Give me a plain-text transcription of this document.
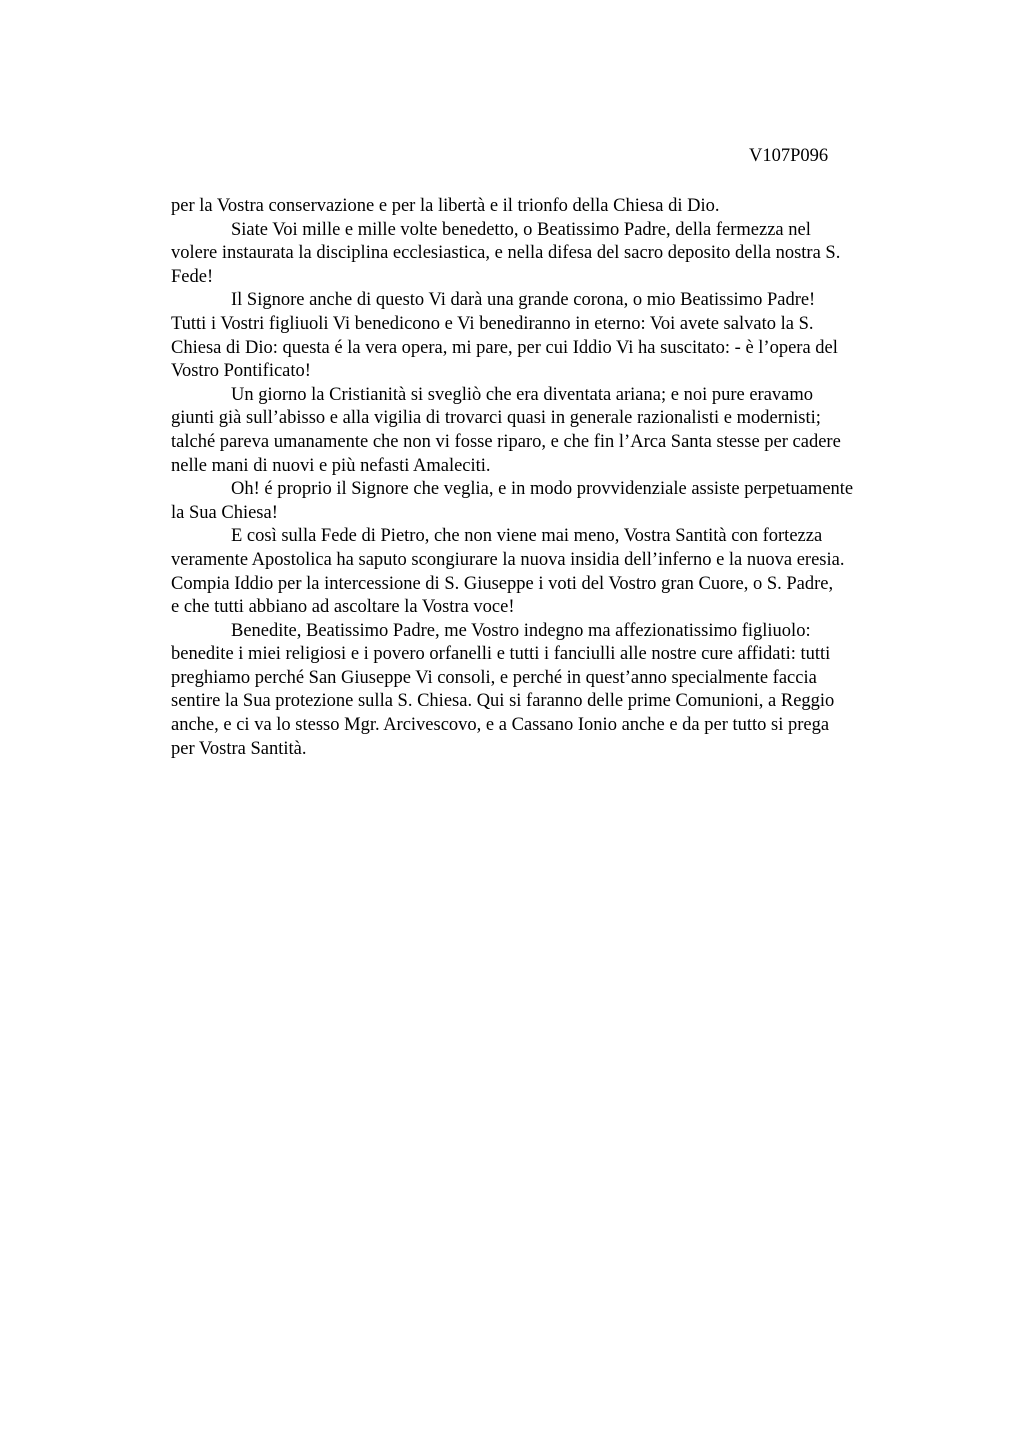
V107P096

per la Vostra conservazione e per la libertà e il trionfo della Chiesa di Dio.

Siate Voi mille e mille volte benedetto, o Beatissimo Padre, della fermezza nel
volere instaurata la disciplina ecclesiastica, e nella difesa del sacro deposito della nostra S.
Fede!

Il Signore anche di questo Vi darà una grande corona, o mio Beatissimo Padre!
Tutti i Vostri figliuoli Vi benedicono e Vi benediranno in eterno: Voi avete salvato la S.
Chiesa di Dio: questa é la vera opera, mi pare, per cui Iddio Vi ha suscitato: - è l’opera del
Vostro Pontificato!

Un giorno la Cristianità si svegliò che era diventata ariana; e noi pure eravamo
giunti già sull’abisso e alla vigilia di trovarci quasi in generale razionalisti e modernisti;
talché pareva umanamente che non vi fosse riparo, e che fin l’Arca Santa stesse per cadere
nelle mani di nuovi e più nefasti Amaleciti.

Oh! é proprio il Signore che veglia, e in modo provvidenziale assiste perpetuamente
la Sua Chiesa!

E così sulla Fede di Pietro, che non viene mai meno, Vostra Santità con fortezza
veramente Apostolica ha saputo scongiurare la nuova insidia dell’inferno e la nuova eresia.
Compia Iddio per la intercessione di S. Giuseppe i voti del Vostro gran Cuore, o S. Padre,
e che tutti abbiano ad ascoltare la Vostra voce!

Benedite, Beatissimo Padre, me Vostro indegno ma affezionatissimo figliuolo:
benedite i miei religiosi e i povero orfanelli e tutti i fanciulli alle nostre cure affidati: tutti
preghiamo perché San Giuseppe Vi consoli, e perché in quest’anno specialmente faccia
sentire la Sua protezione sulla S. Chiesa. Qui si faranno delle prime Comunioni, a Reggio
anche, e ci va lo stesso Mgr. Arcivescovo, e a Cassano Ionio anche e da per tutto si prega
per Vostra Santità.
